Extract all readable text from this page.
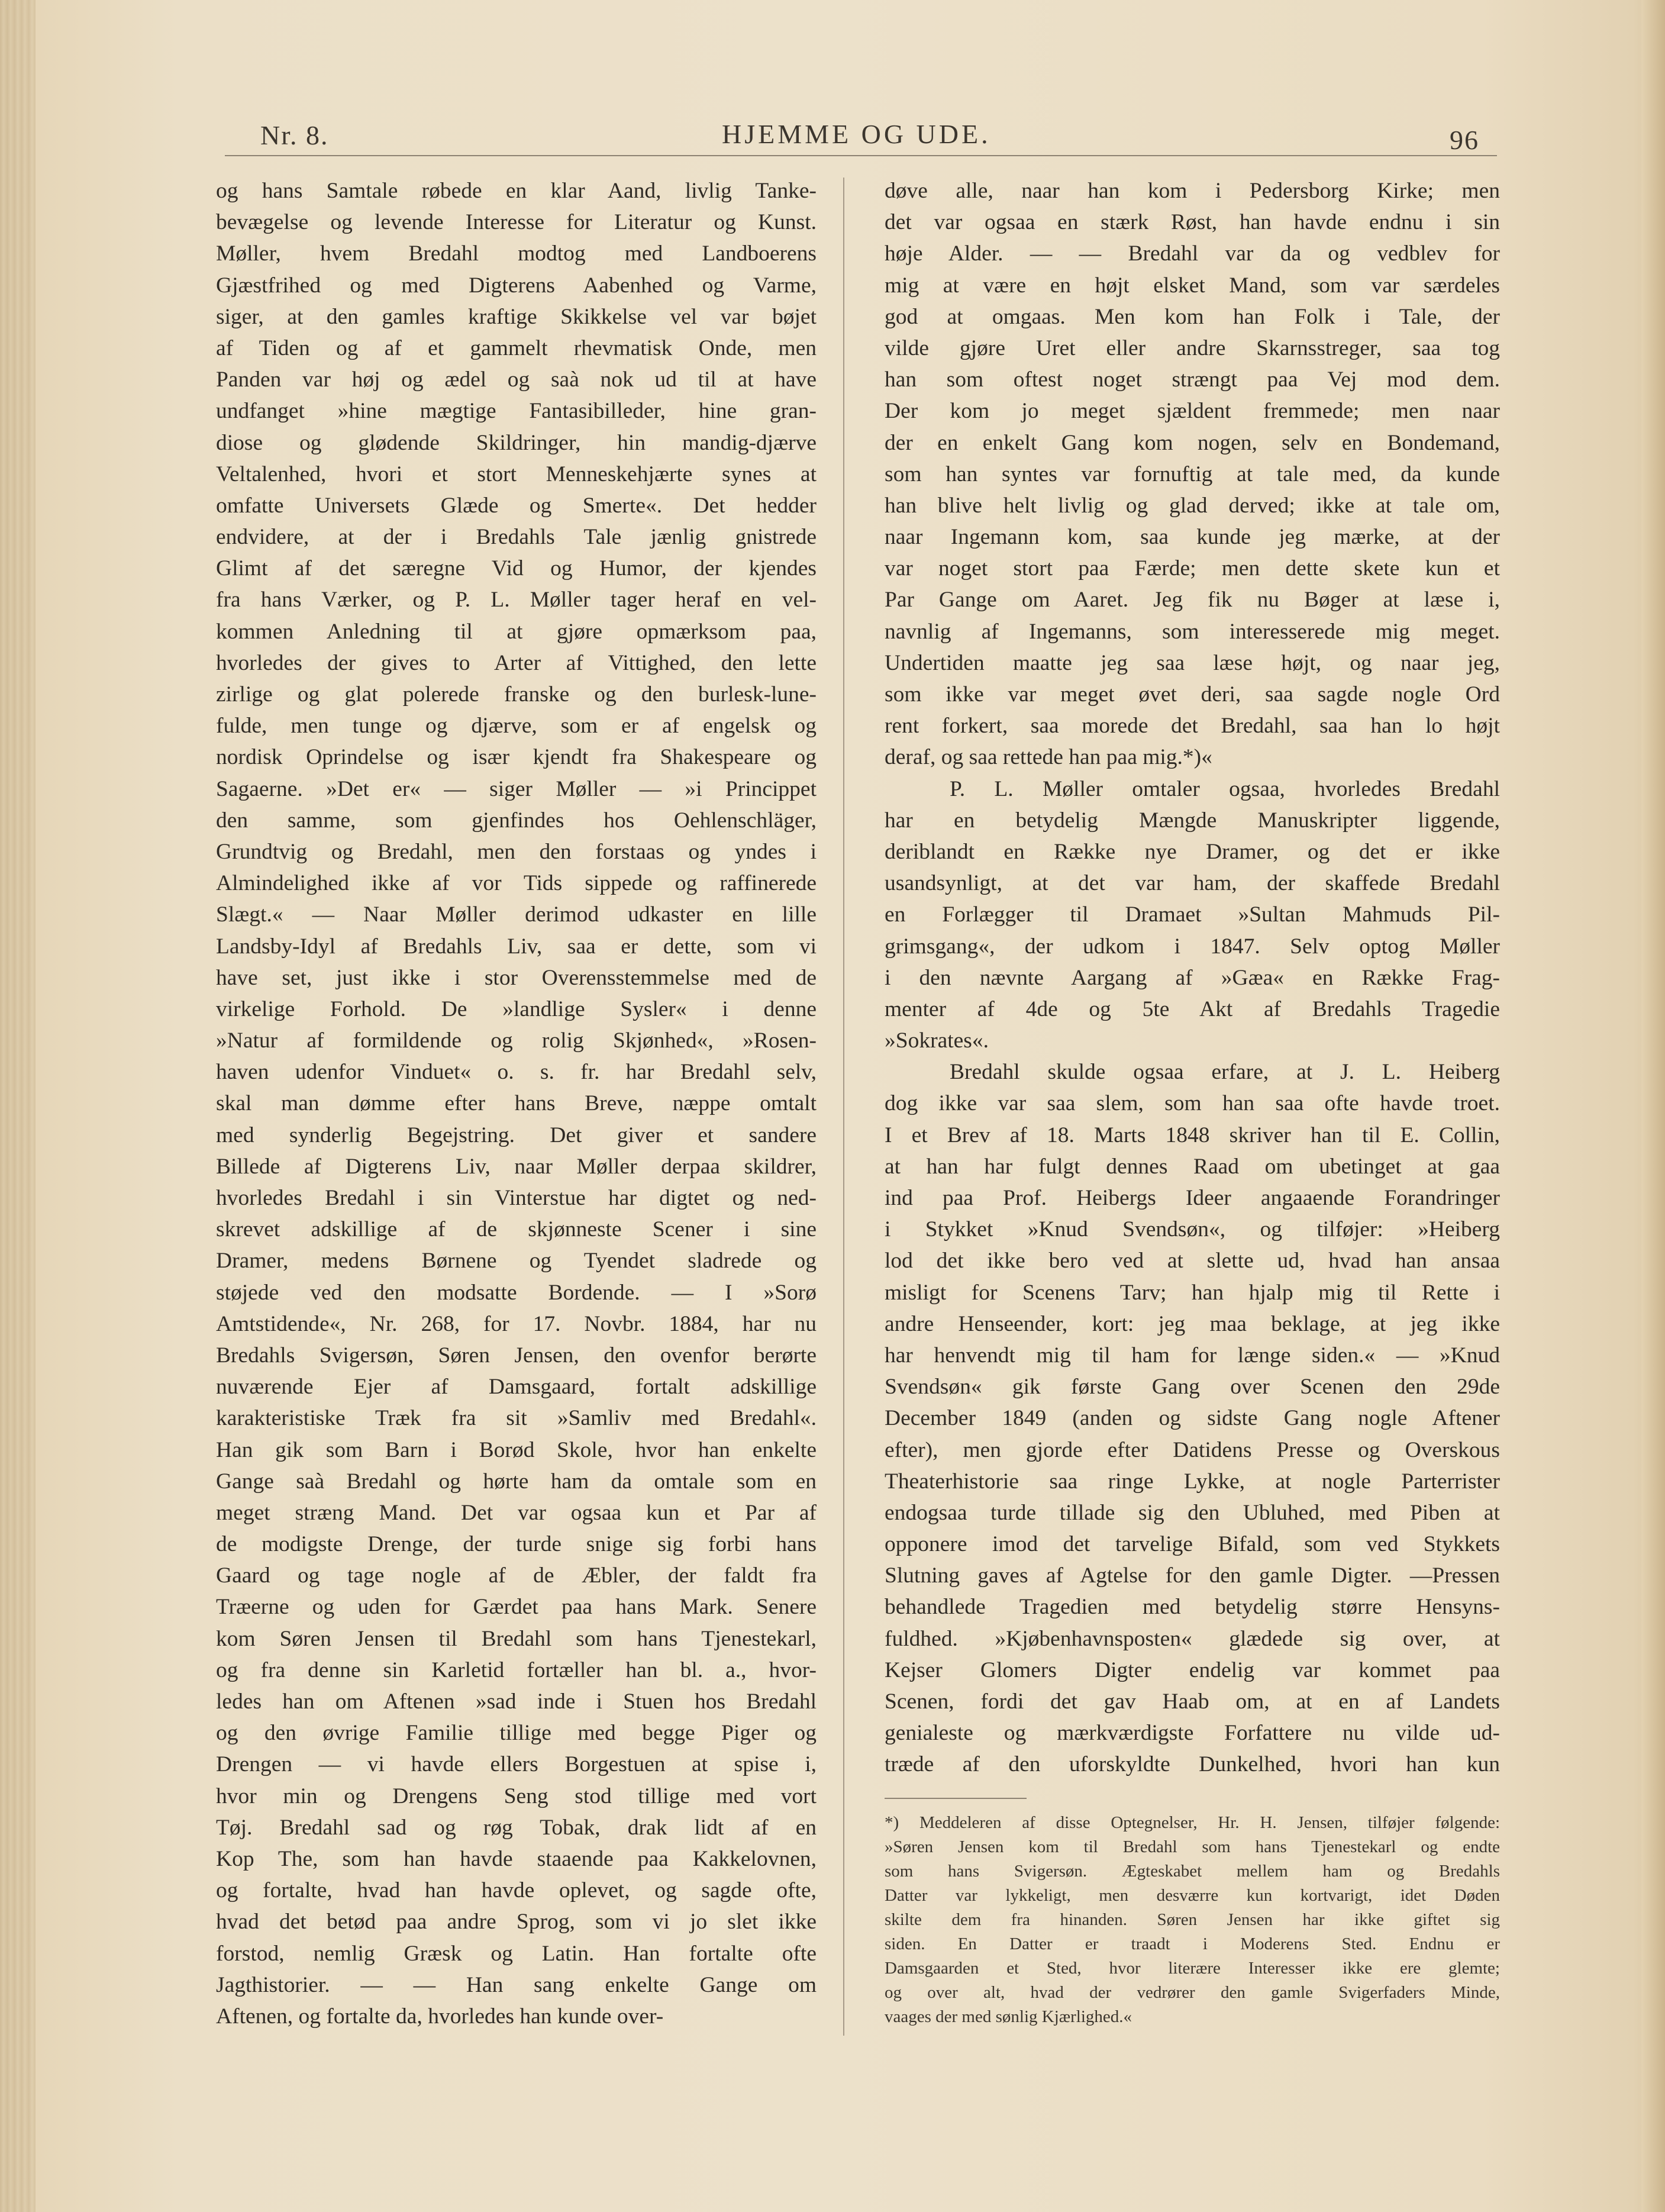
Nr. 8.	HJEMME OG UDE.	96
og hans Samtale røbede en klar Aand, livlig Tanke-
bevægelse og levende Interesse for Literatur og Kunst.
Møller, hvem Bredahl modtog med Landboerens
Gjæstfrihed og med Digterens Aabenhed og Varme,
siger, at den gamles kraftige Skikkelse vel var bøjet
af Tiden og af et gammelt rhevmatisk Onde, men
Panden var høj og ædel og saà nok ud til at have
undfanget »hine mægtige Fantasibilleder, hine gran-
diose og glødende Skildringer, hin mandig-djærve
Veltalenhed, hvori et stort Menneskehjærte synes at
omfatte Universets Glæde og Smerte«. Det hedder
endvidere, at der i Bredahls Tale jænlig gnistrede
Glimt af det særegne Vid og Humor, der kjendes
fra hans Værker, og P. L. Møller tager heraf en vel-
kommen Anledning til at gjøre opmærksom paa,
hvorledes der gives to Arter af Vittighed, den lette
zirlige og glat polerede franske og den burlesk-lune-
fulde, men tunge og djærve, som er af engelsk og
nordisk Oprindelse og især kjendt fra Shakespeare og
Sagaerne. »Det er« — siger Møller — »i Princippet
den samme, som gjenfindes hos Oehlenschläger,
Grundtvig og Bredahl, men den forstaas og yndes i
Almindelighed ikke af vor Tids sippede og raffinerede
Slægt.« — Naar Møller derimod udkaster en lille
Landsby-Idyl af Bredahls Liv, saa er dette, som vi
have set, just ikke i stor Overensstemmelse med de
virkelige Forhold. De »landlige Sysler« i denne
»Natur af formildende og rolig Skjønhed«, »Rosen-
haven udenfor Vinduet« o. s. fr. har Bredahl selv,
skal man dømme efter hans Breve, næppe omtalt
med synderlig Begejstring. Det giver et sandere
Billede af Digterens Liv, naar Møller derpaa skildrer,
hvorledes Bredahl i sin Vinterstue har digtet og ned-
skrevet adskillige af de skjønneste Scener i sine
Dramer, medens Børnene og Tyendet sladrede og
støjede ved den modsatte Bordende. — I »Sorø
Amtstidende«, Nr. 268, for 17. Novbr. 1884, har nu
Bredahls Svigersøn, Søren Jensen, den ovenfor berørte
nuværende Ejer af Damsgaard, fortalt adskillige
karakteristiske Træk fra sit »Samliv med Bredahl«.
Han gik som Barn i Borød Skole, hvor han enkelte
Gange saà Bredahl og hørte ham da omtale som en
meget stræng Mand. Det var ogsaa kun et Par af
de modigste Drenge, der turde snige sig forbi hans
Gaard og tage nogle af de Æbler, der faldt fra
Træerne og uden for Gærdet paa hans Mark. Senere
kom Søren Jensen til Bredahl som hans Tjenestekarl,
og fra denne sin Karletid fortæller han bl. a., hvor-
ledes han om Aftenen »sad inde i Stuen hos Bredahl
og den øvrige Familie tillige med begge Piger og
Drengen — vi havde ellers Borgestuen at spise i,
hvor min og Drengens Seng stod tillige med vort
Tøj. Bredahl sad og røg Tobak, drak lidt af en
Kop The, som han havde staaende paa Kakkelovnen,
og fortalte, hvad han havde oplevet, og sagde ofte,
hvad det betød paa andre Sprog, som vi jo slet ikke
forstod, nemlig Græsk og Latin. Han fortalte ofte
Jagthistorier. — — Han sang enkelte Gange om
Aftenen, og fortalte da, hvorledes han kunde over-
døve alle, naar han kom i Pedersborg Kirke; men
det var ogsaa en stærk Røst, han havde endnu i sin
høje Alder. — — Bredahl var da og vedblev for
mig at være en højt elsket Mand, som var særdeles
god at omgaas. Men kom han Folk i Tale, der
vilde gjøre Uret eller andre Skarnsstreger, saa tog
han som oftest noget strængt paa Vej mod dem.
Der kom jo meget sjældent fremmede; men naar
der en enkelt Gang kom nogen, selv en Bondemand,
som han syntes var fornuftig at tale med, da kunde
han blive helt livlig og glad derved; ikke at tale om,
naar Ingemann kom, saa kunde jeg mærke, at der
var noget stort paa Færde; men dette skete kun et
Par Gange om Aaret. Jeg fik nu Bøger at læse i,
navnlig af Ingemanns, som interesserede mig meget.
Undertiden maatte jeg saa læse højt, og naar jeg,
som ikke var meget øvet deri, saa sagde nogle Ord
rent forkert, saa morede det Bredahl, saa han lo højt
deraf, og saa rettede han paa mig.*)«
P. L. Møller omtaler ogsaa, hvorledes Bredahl
har en betydelig Mængde Manuskripter liggende,
deriblandt en Række nye Dramer, og det er ikke
usandsynligt, at det var ham, der skaffede Bredahl
en Forlægger til Dramaet »Sultan Mahmuds Pil-
grimsgang«, der udkom i 1847. Selv optog Møller
i den nævnte Aargang af »Gæa« en Række Frag-
menter af 4de og 5te Akt af Bredahls Tragedie
»Sokrates«.
Bredahl skulde ogsaa erfare, at J. L. Heiberg
dog ikke var saa slem, som han saa ofte havde troet.
I et Brev af 18. Marts 1848 skriver han til E. Collin,
at han har fulgt dennes Raad om ubetinget at gaa
ind paa Prof. Heibergs Ideer angaaende Forandringer
i Stykket »Knud Svendsøn«, og tilføjer: »Heiberg
lod det ikke bero ved at slette ud, hvad han ansaa
misligt for Scenens Tarv; han hjalp mig til Rette i
andre Henseender, kort: jeg maa beklage, at jeg ikke
har henvendt mig til ham for længe siden.« — »Knud
Svendsøn« gik første Gang over Scenen den 29de
December 1849 (anden og sidste Gang nogle Aftener
efter), men gjorde efter Datidens Presse og Overskous
Theaterhistorie saa ringe Lykke, at nogle Parterrister
endogsaa turde tillade sig den Ubluhed, med Piben at
opponere imod det tarvelige Bifald, som ved Stykkets
Slutning gaves af Agtelse for den gamle Digter. —Pressen
behandlede Tragedien med betydelig større Hensyns-
fuldhed. »Kjøbenhavnsposten« glædede sig over, at
Kejser Glomers Digter endelig var kommet paa
Scenen, fordi det gav Haab om, at en af Landets
genialeste og mærkværdigste Forfattere nu vilde ud-
træde af den uforskyldte Dunkelhed, hvori han kun
*) Meddeleren af disse Optegnelser, Hr. H. Jensen, tilføjer følgende:
»Søren Jensen kom til Bredahl som hans Tjenestekarl og endte
som hans Svigersøn. Ægteskabet mellem ham og Bredahls
Datter var lykkeligt, men desværre kun kortvarigt, idet Døden
skilte dem fra hinanden. Søren Jensen har ikke giftet sig
siden. En Datter er traadt i Moderens Sted. Endnu er
Damsgaarden et Sted, hvor literære Interesser ikke ere glemte;
og over alt, hvad der vedrører den gamle Svigerfaders Minde,
vaages der med sønlig Kjærlighed.«
